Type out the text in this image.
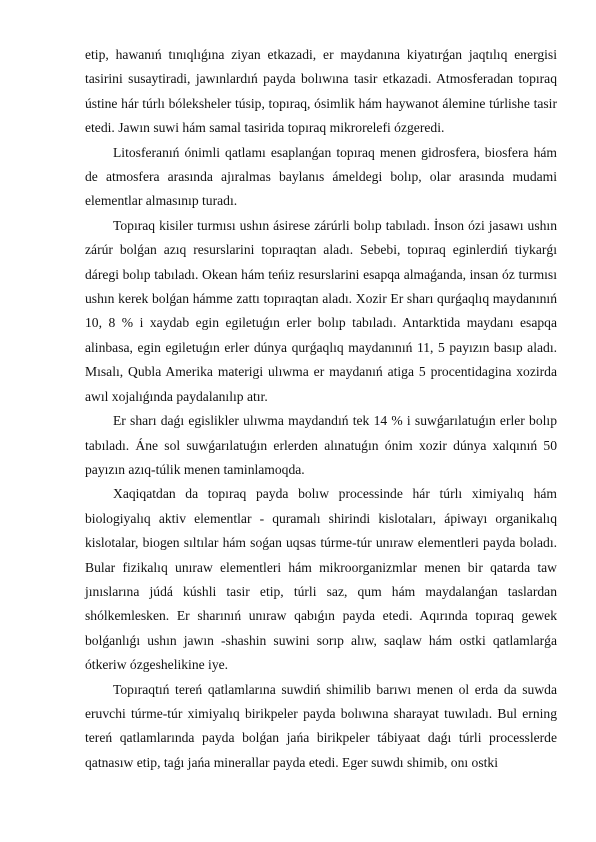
etip, hawanıń tınıqlıǵına ziyan etkazadi, er maydanına kiyatırǵan jaqtılıq energisi tasirini susaytiradi, jawınlardıń payda bolıwına tasir etkazadi. Atmosferadan topıraq ústine hár túrlı bóleksheler túsip, topıraq, ósimlik hám haywanot álemine túrlishe tasir etedi. Jawın suwi hám samal tasirida topıraq mikrorelefi ózgeredi.

Litosferanıń ónimli qatlamı esaplanǵan topıraq menen gidrosfera, biosfera hám de atmosfera arasında ajıralmas baylanıs ámeldegi bolıp, olar arasında mudami elementlar almasınıp turadı.

Topıraq kisiler turmısı ushın ásirese zárúrli bolıp tabıladı. İnson ózi jasawı ushın zárúr bolǵan azıq resurslarini topıraqtan aladı. Sebebi, topıraq eginlerdiń tiykarǵı dáregi bolıp tabıladı. Okean hám teńiz resurslarini esapqa almaǵanda, insan óz turmısı ushın kerek bolǵan hámme zattı topıraqtan aladı. Xozir Er sharı qurǵaqlıq maydanınıń 10, 8 % i xaydab egin egiletuǵın erler bolıp tabıladı. Antarktida maydanı esapqa alinbasa, egin egiletuǵın erler dúnya qurǵaqlıq maydanınıń 11, 5 payızın basıp aladı. Mısalı, Qubla Amerika materigi ulıwma er maydanıń atiga 5 procentidagina xozirda awıl xojalıǵında paydalanılıp atır.

Er sharı daǵı egislikler ulıwma maydandıń tek 14 % i suwǵarılatuǵın erler bolıp tabıladı. Áne sol suwǵarılatuǵın erlerden alınatuǵın ónim xozir dúnya xalqınıń 50 payızın azıq-túlik menen taminlamoqda.

Xaqiqatdan da topıraq payda bolıw processinde hár túrlı ximiyalıq hám biologiyalıq aktiv elementlar - quramalı shirindi kislotaları, ápiwayı organikalıq kislotalar, biogen sıltılar hám soǵan uqsas túrme-túr unıraw elementleri payda boladı. Bular fizikalıq unıraw elementleri hám mikroorganizmlar menen bir qatarda taw jınıslarına júdá kúshli tasir etip, túrli saz, qum hám maydalanǵan taslardan shólkemlesken. Er sharınıń unıraw qabıǵın payda etedi. Aqırında topıraq gewek bolǵanlıǵı ushın jawın -shashin suwini sorıp alıw, saqlaw hám ostki qatlamlarǵa ótkeriw ózgeshelikine iye.

Topıraqtıń tereń qatlamlarına suwdiń shimilib barıwı menen ol erda da suwda eruvchi túrme-túr ximiyalıq birikpeler payda bolıwına sharayat tuwıladı. Bul erning tereń qatlamlarında payda bolǵan jańa birikpeler tábiyaat daǵı túrli processlerde qatnasıw etip, taǵı jańa minerallar payda etedi. Eger suwdı shimib, onı ostki
